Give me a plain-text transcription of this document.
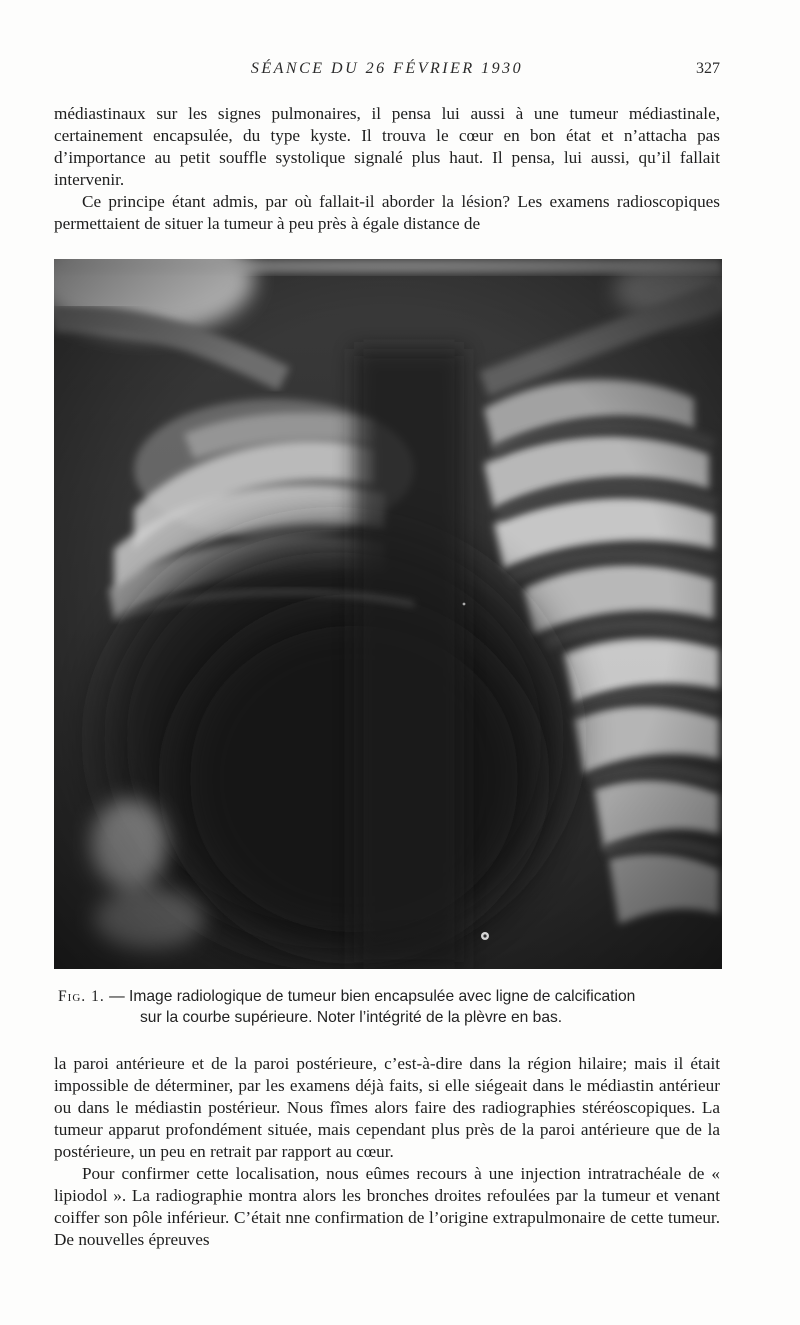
SÉANCE DU 26 FÉVRIER 1930	327

médiastinaux sur les signes pulmonaires, il pensa lui aussi à une tumeur médiastinale, certainement encapsulée, du type kyste. Il trouva le cœur en bon état et n’attacha pas d’importance au petit souffle systolique signalé plus haut. Il pensa, lui aussi, qu’il fallait intervenir.

Ce principe étant admis, par où fallait-il aborder la lésion? Les examens radioscopiques permettaient de situer la tumeur à peu près à égale distance de

Fig. 1. — Image radiologique de tumeur bien encapsulée avec ligne de calcification
sur la courbe supérieure. Noter l’intégrité de la plèvre en bas.

la paroi antérieure et de la paroi postérieure, c’est-à-dire dans la région hilaire; mais il était impossible de déterminer, par les examens déjà faits, si elle siégeait dans le médiastin antérieur ou dans le médiastin postérieur. Nous fîmes alors faire des radiographies stéréoscopiques. La tumeur apparut profondément située, mais cependant plus près de la paroi antérieure que de la postérieure, un peu en retrait par rapport au cœur.

Pour confirmer cette localisation, nous eûmes recours à une injection intratrachéale de « lipiodol ». La radiographie montra alors les bronches droites refoulées par la tumeur et venant coiffer son pôle inférieur. C’était nne confirmation de l’origine extrapulmonaire de cette tumeur. De nouvelles épreuves
